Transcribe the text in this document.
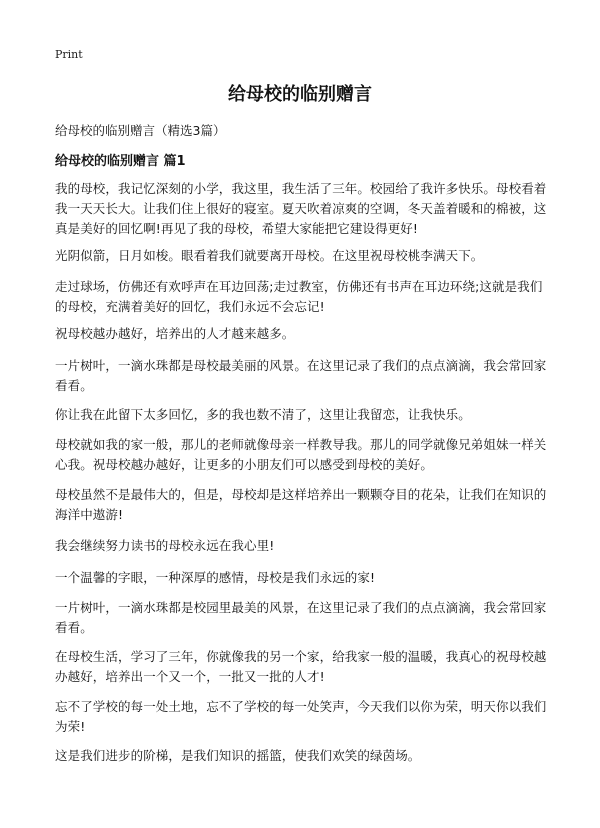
Print
给母校的临别赠言

给母校的临别赠言（精选3篇）

给母校的临别赠言 篇1

我的母校，我记忆深刻的小学，我这里，我生活了三年。校园给了我许多快乐。母校看着我一天天长大。让我们住上很好的寝室。夏天吹着凉爽的空调，冬天盖着暖和的棉被，这真是美好的回忆啊!再见了我的母校，希望大家能把它建设得更好!

光阴似箭，日月如梭。眼看着我们就要离开母校。在这里祝母校桃李满天下。

走过球场，仿佛还有欢呼声在耳边回荡;走过教室，仿佛还有书声在耳边环绕;这就是我们的母校，充满着美好的回忆，我们永远不会忘记!

祝母校越办越好，培养出的人才越来越多。

一片树叶，一滴水珠都是母校最美丽的风景。在这里记录了我们的点点滴滴，我会常回家看看。

你让我在此留下太多回忆，多的我也数不清了，这里让我留恋，让我快乐。

母校就如我的家一般，那儿的老师就像母亲一样教导我。那儿的同学就像兄弟姐妹一样关心我。祝母校越办越好，让更多的小朋友们可以感受到母校的美好。

母校虽然不是最伟大的，但是，母校却是这样培养出一颗颗夺目的花朵，让我们在知识的海洋中遨游!

我会继续努力读书的母校永远在我心里!

一个温馨的字眼，一种深厚的感情，母校是我们永远的家!

一片树叶，一滴水珠都是校园里最美的风景，在这里记录了我们的点点滴滴，我会常回家看看。

在母校生活，学习了三年，你就像我的另一个家，给我家一般的温暖，我真心的祝母校越办越好，培养出一个又一个，一批又一批的人才!

忘不了学校的每一处土地，忘不了学校的每一处笑声，今天我们以你为荣，明天你以我们为荣!

这是我们进步的阶梯，是我们知识的摇篮，使我们欢笑的绿茵场。
